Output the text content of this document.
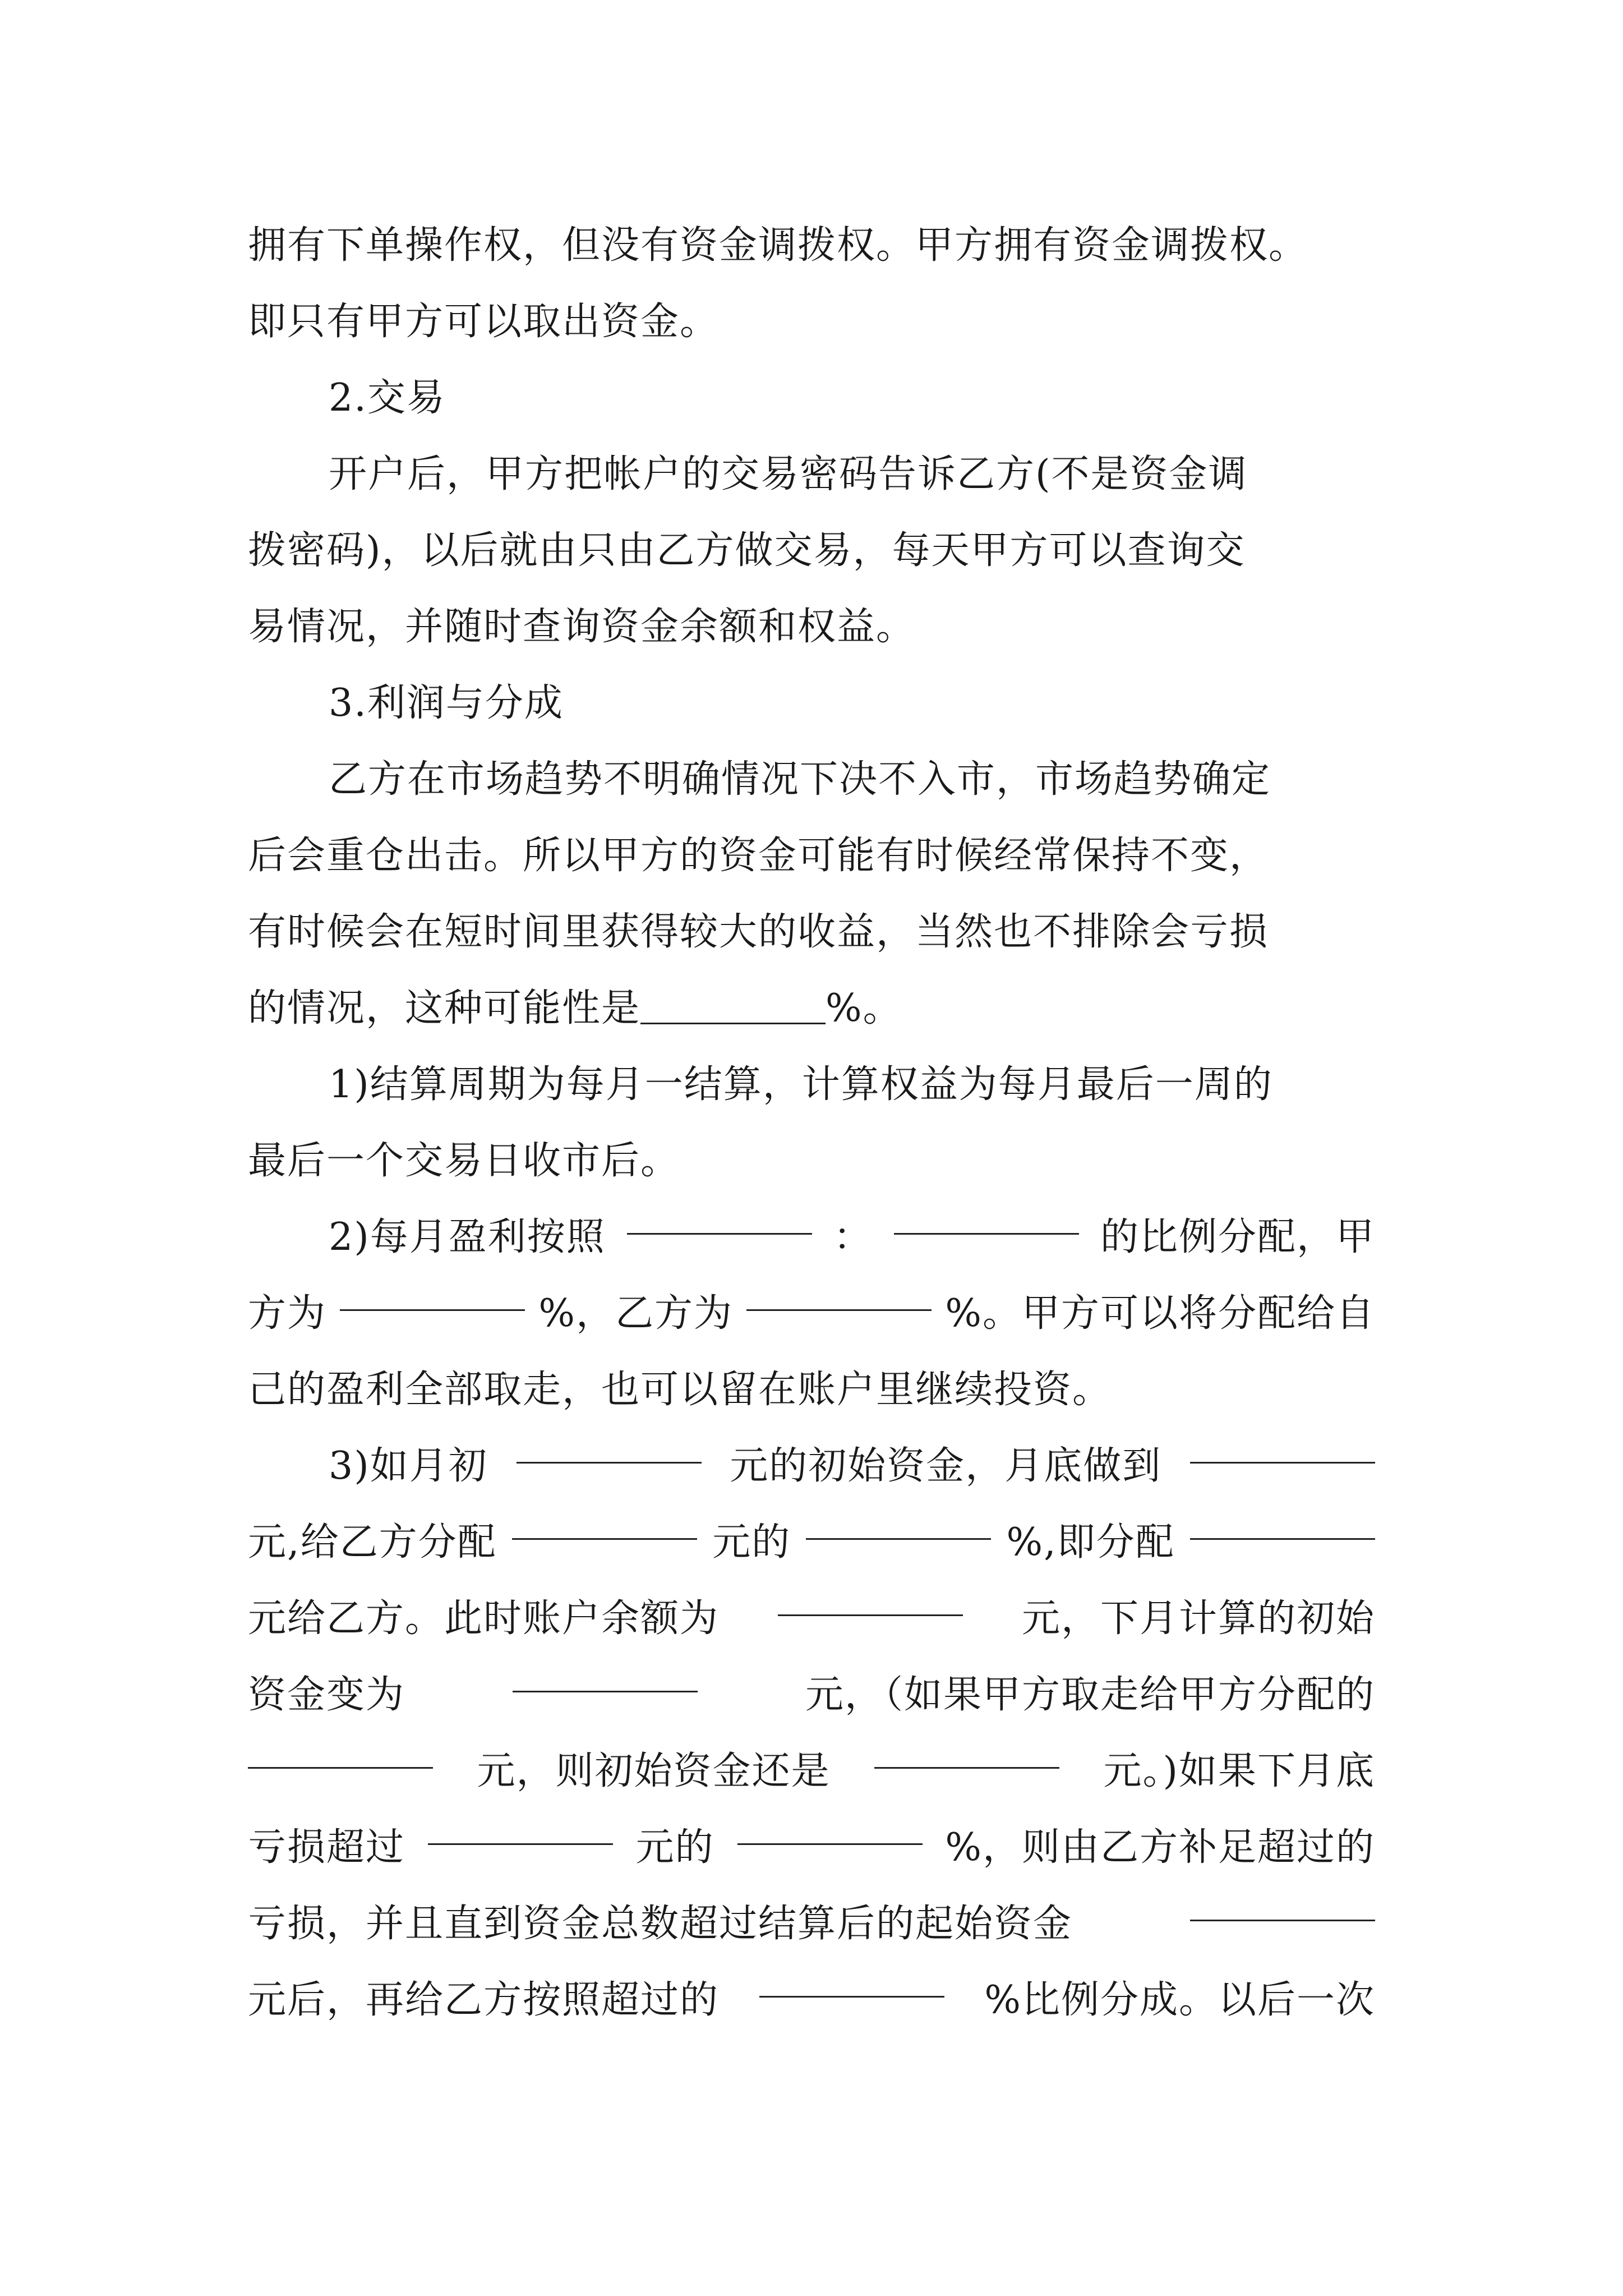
拥有下单操作权，但没有资金调拨权。甲方拥有资金调拨权。
即只有甲方可以取出资金。
2.交易
开户后，甲方把帐户的交易密码告诉乙方(不是资金调
拨密码)，以后就由只由乙方做交易，每天甲方可以查询交
易情况，并随时查询资金余额和权益。
3.利润与分成
乙方在市场趋势不明确情况下决不入市，市场趋势确定
后会重仓出击。所以甲方的资金可能有时候经常保持不变，
有时候会在短时间里获得较大的收益，当然也不排除会亏损
的情况，这种可能性是	%。
1)结算周期为每月一结算，计算权益为每月最后一周的
最后一个交易日收市后。
2)每月盈利按照	：	的比例分配，甲
方为	%，乙方为	%。甲方可以将分配给自
己的盈利全部取走，也可以留在账户里继续投资。
3)如月初	元的初始资金，月底做到
元,给乙方分配	元的	%,即分配
元给乙方。此时账户余额为	元，下月计算的初始
资金变为	元，（如果甲方取走给甲方分配的
元，则初始资金还是	元。)如果下月底
亏损超过	元的	%，则由乙方补足超过的
亏损，并且直到资金总数超过结算后的起始资金
元后，再给乙方按照超过的	%比例分成。以后一次
